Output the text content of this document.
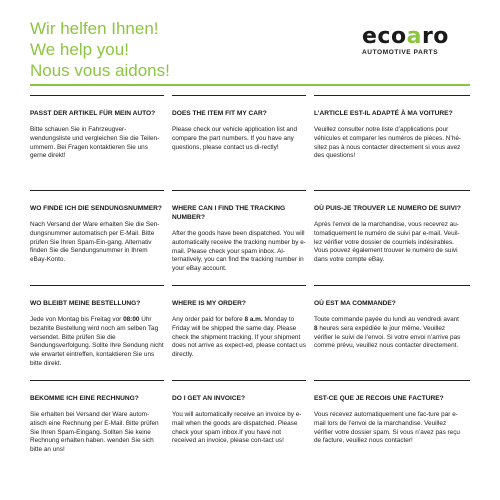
Wir helfen Ihnen!
We help you!
Nous vous aidons!
ecoaro
AUTOMOTIVE PARTS
PASST DER ARTIKEL FÜR MEIN AUTO?

Bitte schauen Sie in Fahrzeugver-wendungsliste und vergleichen Sie die Teilen-ummern. Bei Fragen kontaktieren Sie uns gerne direkt!

DOES THE ITEM FIT MY CAR?

Please check our vehicle application list and compare the part numbers. If you have any questions, please contact us di-rectly!

L’ARTICLE EST-IL ADAPTÉ À MA VOITURE?

Veuillez consulter notre liste d’applications pour véhicules et comparer les numéros de pièces. N’hé-sitez pas à nous contacter directement si vous avez des questions!

WO FINDE ICH DIE SENDUNGSNUMMER?

Nach Versand der Ware erhalten Sie die Sen-dungsnummer automatisch per E-Mail. Bitte prüfen Sie Ihren Spam-Ein-gang. Alternativ finden Sie die Sendungsnummer in Ihrem eBay-Konto.

WHERE CAN I FIND THE TRACKING NUMBER?

After the goods have been dispatched. You will automatically receive the tracking number by e-mail. Please check your spam inbox. Al-ternatively, you can find the tracking number in your eBay account.

OÙ PUIS-JE TROUVER LE NUMERO DE SUIVI?

Après l’envoi de la marchandise, vous recevrez au-tomatiquement le numéro de suivi par e-mail. Veuil-lez vérifier votre dossier de courriels indésirables. Vous pouvez également trouver le numéro de suivi dans votre compte eBay.

WO BLEIBT MEINE BESTELLUNG?

Jede von Montag bis Freitag vor 08:00 Uhr bezahlte Bestellung wird noch am selben Tag versendet. Bitte prüfen Sie die Sendungsverfolgung. Sollte Ihre Sendung nicht wie erwartet eintreffen, kontaktieren Sie uns bitte direkt.

WHERE IS MY ORDER?

Any order paid for before 8 a.m. Monday to Friday will be shipped the same day. Please check the shipment tracking. If your shipment does not arrive as expect-ed, please contact us directly.

OÙ EST MA COMMANDE?

Toute commande payée du lundi au vendredi avant 8 heures sera expédiée le jour même. Veuillez vérifier le suivi de l’envoi. Si votre envoi n’arrive pas comme prévu, veuillez nous contacter directement.

BEKOMME ICH EINE RECHNUNG?

Sie erhalten bei Versand der Ware autom-atisch eine Rechnung per E-Mail. Bitte prüfen Sie Ihren Spam-Eingang. Sollten Sie keine Rechnung erhalten haben. wenden Sie sich bitte an uns!

DO I GET AN INVOICE?

You will automatically receive an invoice by e-mail when the goods are dispatched. Please check your spam inbox.If you have not received an invoice, please con-tact us!

EST-CE QUE JE RECOIS UNE FACTURE?

Vous recevez automatiquement une fac-ture par e-mail lors de l’envoi de la marchandise. Veuillez vérifier votre dossier spam. Si vous n’avez pas reçu de facture, veuillez nous contacter!
